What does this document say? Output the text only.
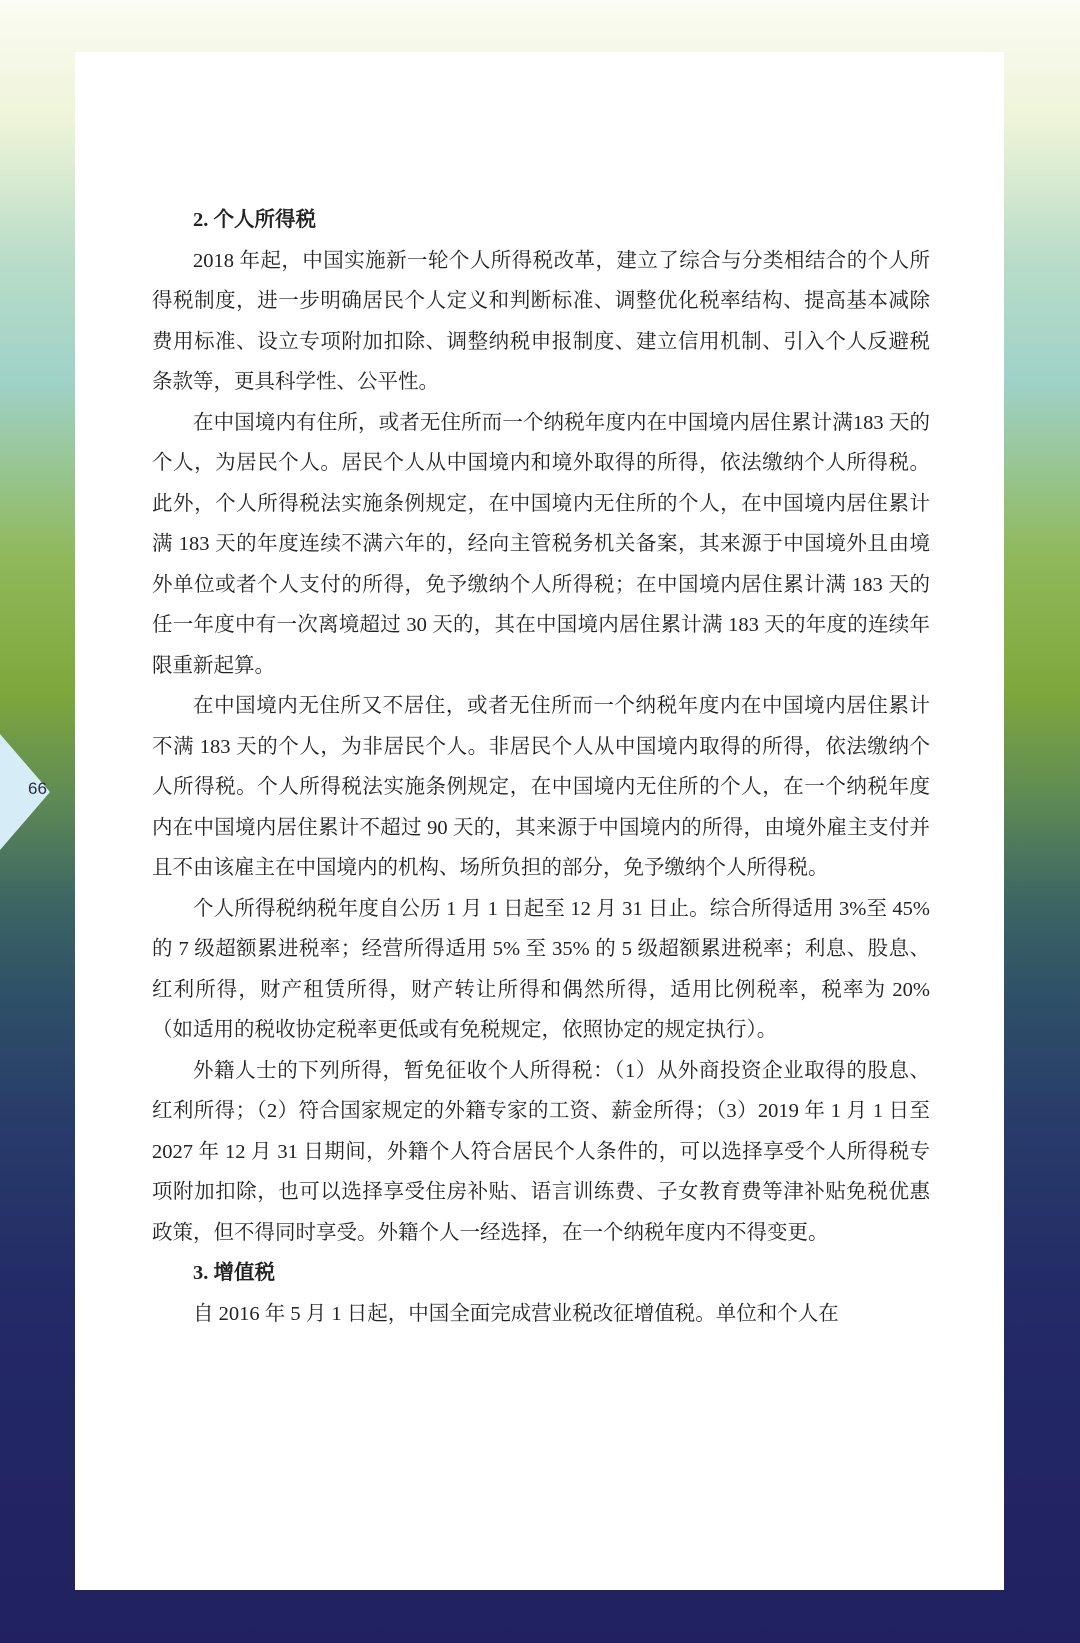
66
2. 个人所得税

2018 年起，中国实施新一轮个人所得税改革，建立了综合与分类相结合的个人所得税制度，进一步明确居民个人定义和判断标准、调整优化税率结构、提高基本减除费用标准、设立专项附加扣除、调整纳税申报制度、建立信用机制、引入个人反避税条款等，更具科学性、公平性。

在中国境内有住所，或者无住所而一个纳税年度内在中国境内居住累计满183 天的个人，为居民个人。居民个人从中国境内和境外取得的所得，依法缴纳个人所得税。此外，个人所得税法实施条例规定，在中国境内无住所的个人，在中国境内居住累计满 183 天的年度连续不满六年的，经向主管税务机关备案，其来源于中国境外且由境外单位或者个人支付的所得，免予缴纳个人所得税；在中国境内居住累计满 183 天的任一年度中有一次离境超过 30 天的，其在中国境内居住累计满 183 天的年度的连续年限重新起算。

在中国境内无住所又不居住，或者无住所而一个纳税年度内在中国境内居住累计不满 183 天的个人，为非居民个人。非居民个人从中国境内取得的所得，依法缴纳个人所得税。个人所得税法实施条例规定，在中国境内无住所的个人，在一个纳税年度内在中国境内居住累计不超过 90 天的，其来源于中国境内的所得，由境外雇主支付并且不由该雇主在中国境内的机构、场所负担的部分，免予缴纳个人所得税。

个人所得税纳税年度自公历 1 月 1 日起至 12 月 31 日止。综合所得适用 3%至 45% 的 7 级超额累进税率；经营所得适用 5% 至 35% 的 5 级超额累进税率；利息、股息、红利所得，财产租赁所得，财产转让所得和偶然所得，适用比例税率，税率为 20%（如适用的税收协定税率更低或有免税规定，依照协定的规定执行）。

外籍人士的下列所得，暂免征收个人所得税：（1）从外商投资企业取得的股息、红利所得；（2）符合国家规定的外籍专家的工资、薪金所得；（3）2019 年 1 月 1 日至 2027 年 12 月 31 日期间，外籍个人符合居民个人条件的，可以选择享受个人所得税专项附加扣除，也可以选择享受住房补贴、语言训练费、子女教育费等津补贴免税优惠政策，但不得同时享受。外籍个人一经选择，在一个纳税年度内不得变更。

3. 增值税

自 2016 年 5 月 1 日起，中国全面完成营业税改征增值税。单位和个人在
